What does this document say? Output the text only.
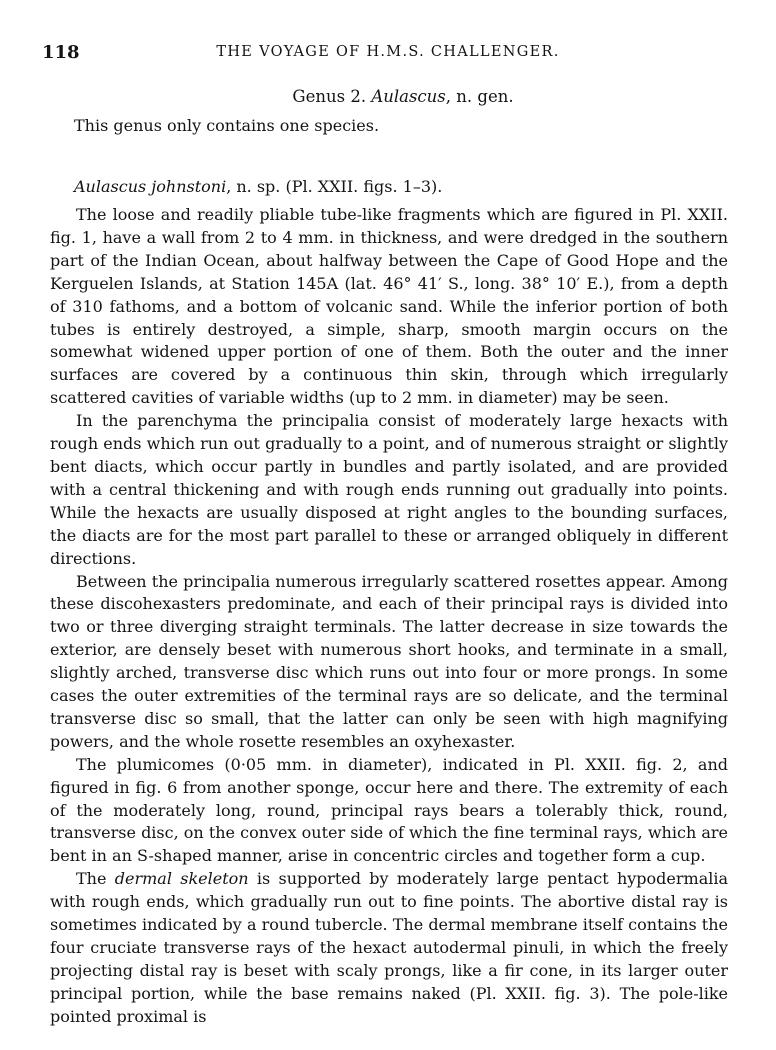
118	THE VOYAGE OF H.M.S. CHALLENGER.
Genus 2. Aulascus, n. gen.

This genus only contains one species.

Aulascus johnstoni, n. sp. (Pl. XXII. figs. 1–3).

The loose and readily pliable tube-like fragments which are figured in Pl. XXII. fig. 1, have a wall from 2 to 4 mm. in thickness, and were dredged in the southern part of the Indian Ocean, about halfway between the Cape of Good Hope and the Kerguelen Islands, at Station 145A (lat. 46° 41′ S., long. 38° 10′ E.), from a depth of 310 fathoms, and a bottom of volcanic sand. While the inferior portion of both tubes is entirely destroyed, a simple, sharp, smooth margin occurs on the somewhat widened upper portion of one of them. Both the outer and the inner surfaces are covered by a continuous thin skin, through which irregularly scattered cavities of variable widths (up to 2 mm. in diameter) may be seen.

In the parenchyma the principalia consist of moderately large hexacts with rough ends which run out gradually to a point, and of numerous straight or slightly bent diacts, which occur partly in bundles and partly isolated, and are provided with a central thickening and with rough ends running out gradually into points. While the hexacts are usually disposed at right angles to the bounding surfaces, the diacts are for the most part parallel to these or arranged obliquely in different directions.

Between the principalia numerous irregularly scattered rosettes appear. Among these discohexasters predominate, and each of their principal rays is divided into two or three diverging straight terminals. The latter decrease in size towards the exterior, are densely beset with numerous short hooks, and terminate in a small, slightly arched, transverse disc which runs out into four or more prongs. In some cases the outer extremities of the terminal rays are so delicate, and the terminal transverse disc so small, that the latter can only be seen with high magnifying powers, and the whole rosette resembles an oxyhexaster.

The plumicomes (0·05 mm. in diameter), indicated in Pl. XXII. fig. 2, and figured in fig. 6 from another sponge, occur here and there. The extremity of each of the moderately long, round, principal rays bears a tolerably thick, round, transverse disc, on the convex outer side of which the fine terminal rays, which are bent in an S-shaped manner, arise in concentric circles and together form a cup.

The dermal skeleton is supported by moderately large pentact hypodermalia with rough ends, which gradually run out to fine points. The abortive distal ray is sometimes indicated by a round tubercle. The dermal membrane itself contains the four cruciate transverse rays of the hexact autodermal pinuli, in which the freely projecting distal ray is beset with scaly prongs, like a fir cone, in its larger outer principal portion, while the base remains naked (Pl. XXII. fig. 3). The pole-like pointed proximal is
